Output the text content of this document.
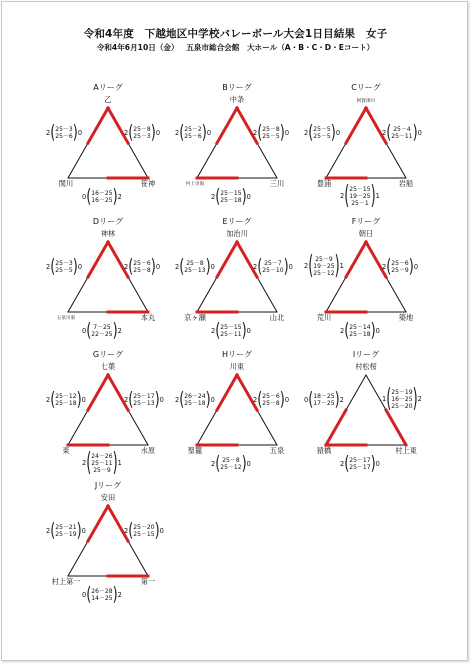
令和4年度　下越地区中学校バレーボール大会1日目結果　女子
令和4年6月10日（金）　 五泉市総合会館　大ホール（A・B・C・D・Eコート）
Aリーグ
乙
関川	笹神
2 ( 25－3
25－6 ) 0	2 ( 25－8
25－3 ) 0
0 ( 16－25
16－25 ) 2
Bリーグ
中条
村上市海	三川
2 ( 25－2
25－6 ) 0	2 ( 25－8
25－5 ) 0
2 ( 25－15
25－18 ) 0
Cリーグ
阿賀津川
豊浦	岩船
2 ( 25－5
25－5 ) 0	2 ( 25－4
25－11 ) 0
2 ( 25－15
19－25
25－1 ) 1
Dリーグ
神林
五泉川東	本丸
2 ( 25－3
25－5 ) 0	2 ( 25－6
25－8 ) 0
0 ( 7－25
22－25 ) 2
Eリーグ
加治川
京ヶ瀬	山北
2 ( 25－8
25－13 ) 0	2 ( 25－7
25－10 ) 0
2 ( 25－15
25－11 ) 0
Fリーグ
朝日
荒川	築地
2 ( 25－9
19－25
25－12 ) 1	2 ( 25－6
25－9 ) 0
2 ( 25－14
25－18 ) 0
Gリーグ
七葉
東	水原
2 ( 25－12
25－18 ) 0	2 ( 25－17
25－13 ) 0
2 ( 24－26
25－11
25－9 ) 1
Hリーグ
川東
聖籠	五泉
2 ( 26－24
25－18 ) 0	2 ( 25－6
25－8 ) 0
2 ( 25－8
25－12 ) 0
Iリーグ
村松桜
猿橋	村上東
0 ( 18－25
17－25 ) 2	1 ( 25－19
16－25
25－20 ) 2
2 ( 25－17
25－17 ) 0
Jリーグ
安田
村上第一	第一
2 ( 25－21
25－19 ) 0	2 ( 25－20
25－15 ) 0
0 ( 26－28
14－25 ) 2
